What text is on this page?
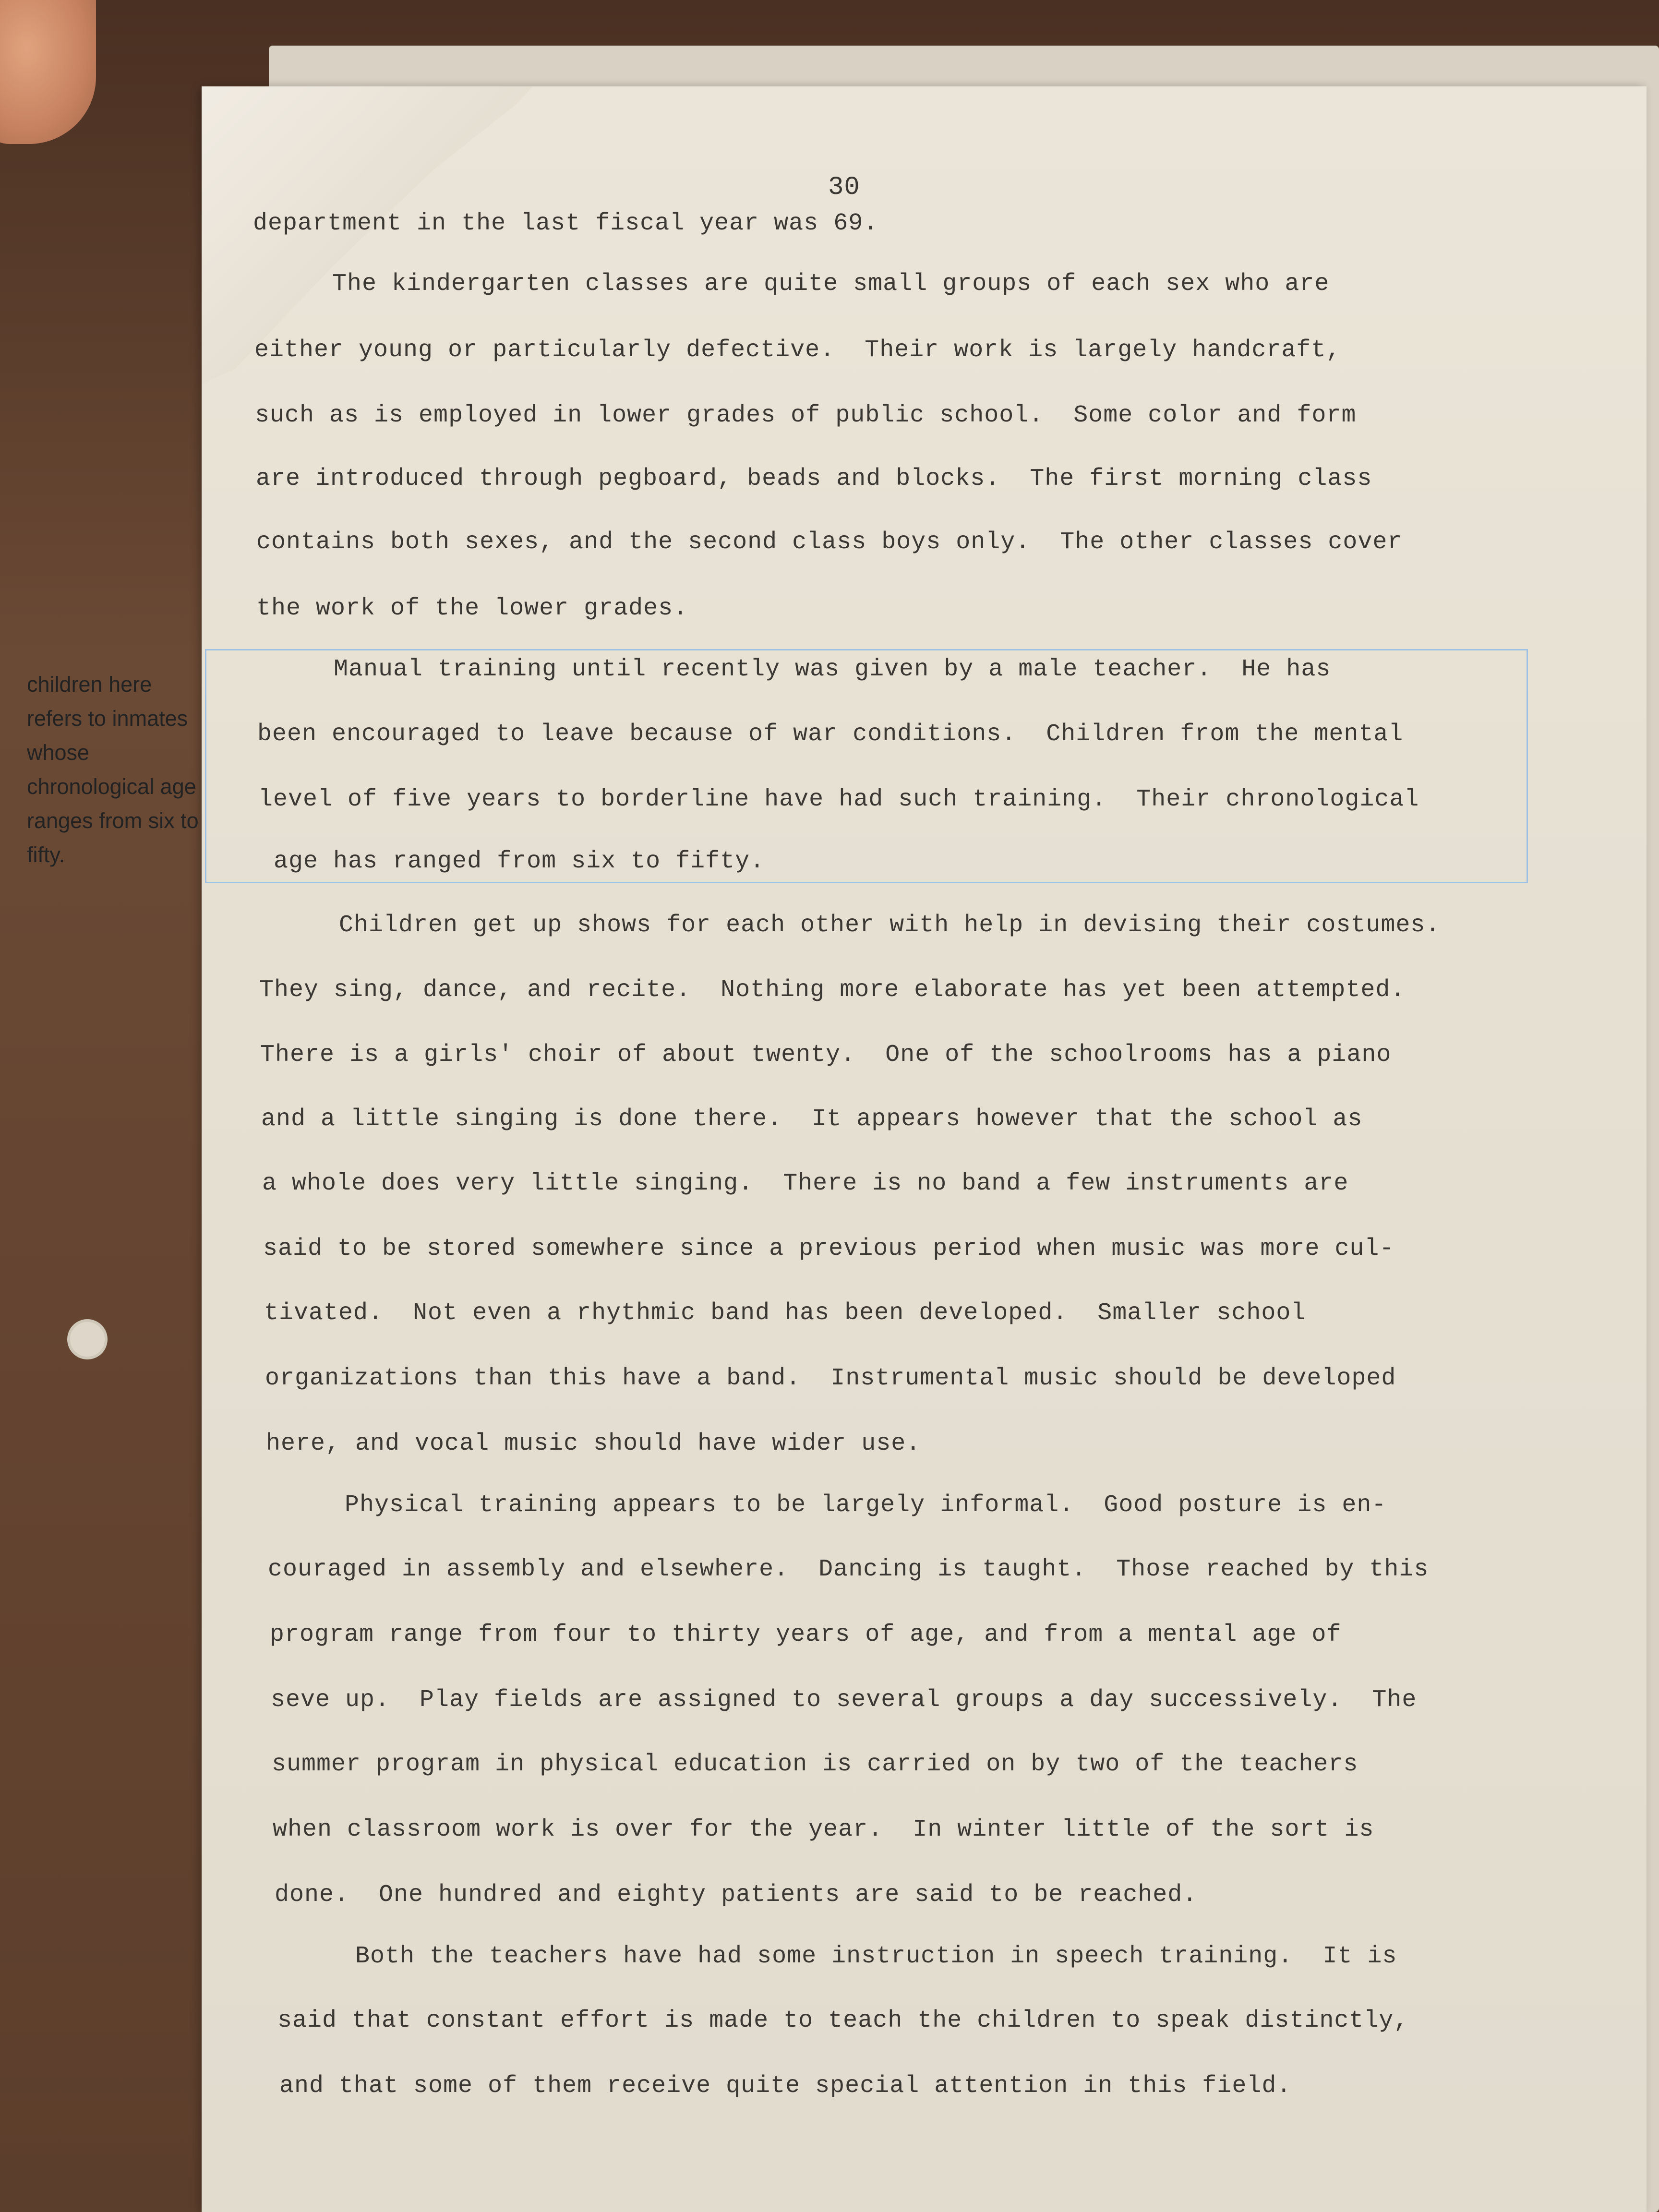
30

department in the last fiscal year was 69.

The kindergarten classes are quite small groups of each sex who are

either young or particularly defective.  Their work is largely handcraft,

such as is employed in lower grades of public school.  Some color and form

are introduced through pegboard, beads and blocks.  The first morning class

contains both sexes, and the second class boys only.  The other classes cover

the work of the lower grades.

Manual training until recently was given by a male teacher.  He has

been encouraged to leave because of war conditions.  Children from the mental

level of five years to borderline have had such training.  Their chronological

age has ranged from six to fifty.

Children get up shows for each other with help in devising their costumes.

They sing, dance, and recite.  Nothing more elaborate has yet been attempted.

There is a girls' choir of about twenty.  One of the schoolrooms has a piano

and a little singing is done there.  It appears however that the school as

a whole does very little singing.  There is no band a few instruments are

said to be stored somewhere since a previous period when music was more cul-

tivated.  Not even a rhythmic band has been developed.  Smaller school

organizations than this have a band.  Instrumental music should be developed

here, and vocal music should have wider use.

Physical training appears to be largely informal.  Good posture is en-

couraged in assembly and elsewhere.  Dancing is taught.  Those reached by this

program range from four to thirty years of age, and from a mental age of

seve up.  Play fields are assigned to several groups a day successively.  The

summer program in physical education is carried on by two of the teachers

when classroom work is over for the year.  In winter little of the sort is

done.  One hundred and eighty patients are said to be reached.

Both the teachers have had some instruction in speech training.  It is

said that constant effort is made to teach the children to speak distinctly,

and that some of them receive quite special attention in this field.

children here refers to inmates whose chronological age ranges from six to fifty.
